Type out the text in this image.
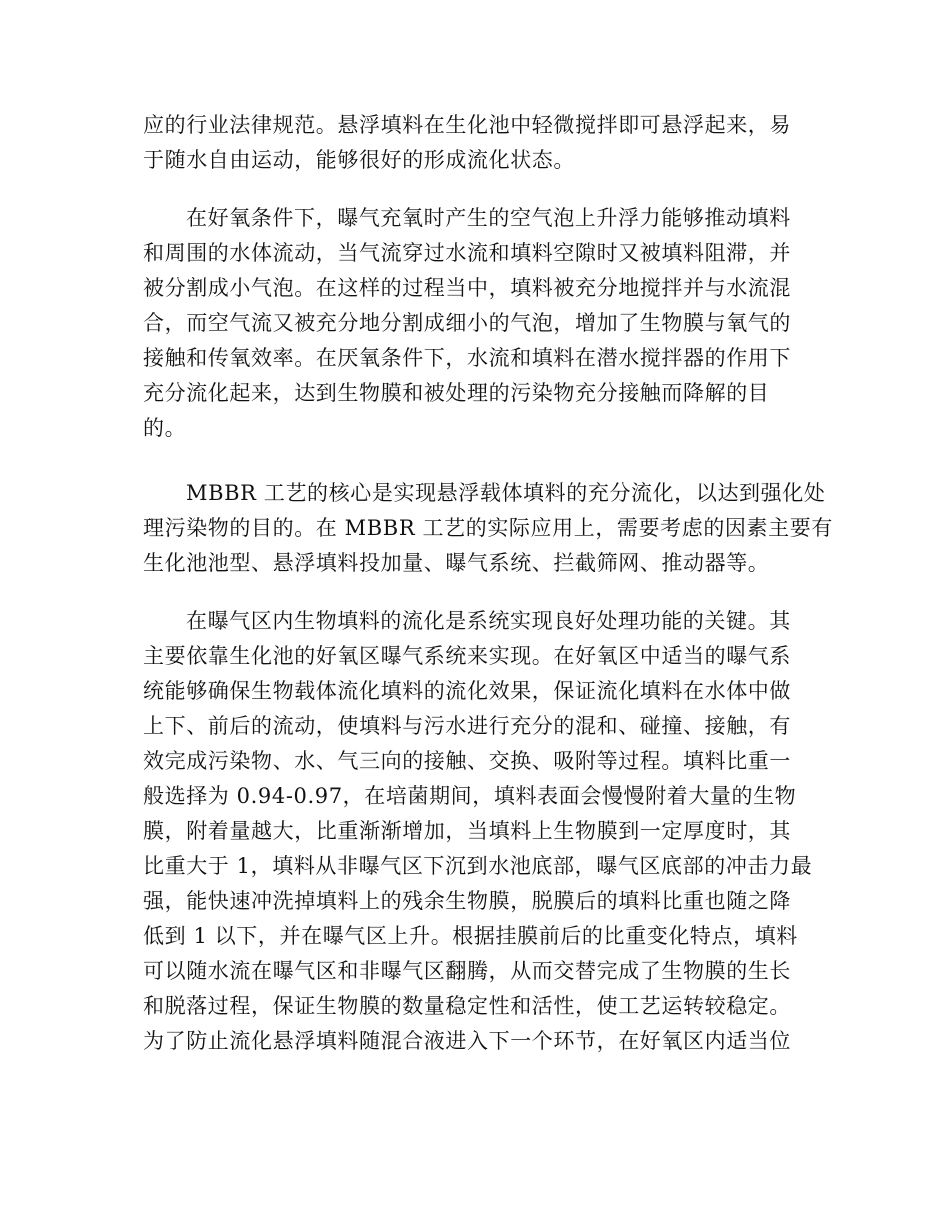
应的行业法律规范。悬浮填料在生化池中轻微搅拌即可悬浮起来，易
于随水自由运动，能够很好的形成流化状态。
在好氧条件下，曝气充氧时产生的空气泡上升浮力能够推动填料
和周围的水体流动，当气流穿过水流和填料空隙时又被填料阻滞，并
被分割成小气泡。在这样的过程当中，填料被充分地搅拌并与水流混
合，而空气流又被充分地分割成细小的气泡，增加了生物膜与氧气的
接触和传氧效率。在厌氧条件下，水流和填料在潜水搅拌器的作用下
充分流化起来，达到生物膜和被处理的污染物充分接触而降解的目
的。
MBBR 工艺的核心是实现悬浮载体填料的充分流化，以达到强化处
理污染物的目的。在 MBBR 工艺的实际应用上，需要考虑的因素主要有
生化池池型、悬浮填料投加量、曝气系统、拦截筛网、推动器等。
在曝气区内生物填料的流化是系统实现良好处理功能的关键。其
主要依靠生化池的好氧区曝气系统来实现。在好氧区中适当的曝气系
统能够确保生物载体流化填料的流化效果，保证流化填料在水体中做
上下、前后的流动，使填料与污水进行充分的混和、碰撞、接触，有
效完成污染物、水、气三向的接触、交换、吸附等过程。填料比重一
般选择为 0.94-0.97，在培菌期间，填料表面会慢慢附着大量的生物
膜，附着量越大，比重渐渐增加，当填料上生物膜到一定厚度时，其
比重大于 1，填料从非曝气区下沉到水池底部，曝气区底部的冲击力最
强，能快速冲洗掉填料上的残余生物膜，脱膜后的填料比重也随之降
低到 1 以下，并在曝气区上升。根据挂膜前后的比重变化特点，填料
可以随水流在曝气区和非曝气区翻腾，从而交替完成了生物膜的生长
和脱落过程，保证生物膜的数量稳定性和活性，使工艺运转较稳定。
为了防止流化悬浮填料随混合液进入下一个环节，在好氧区内适当位
